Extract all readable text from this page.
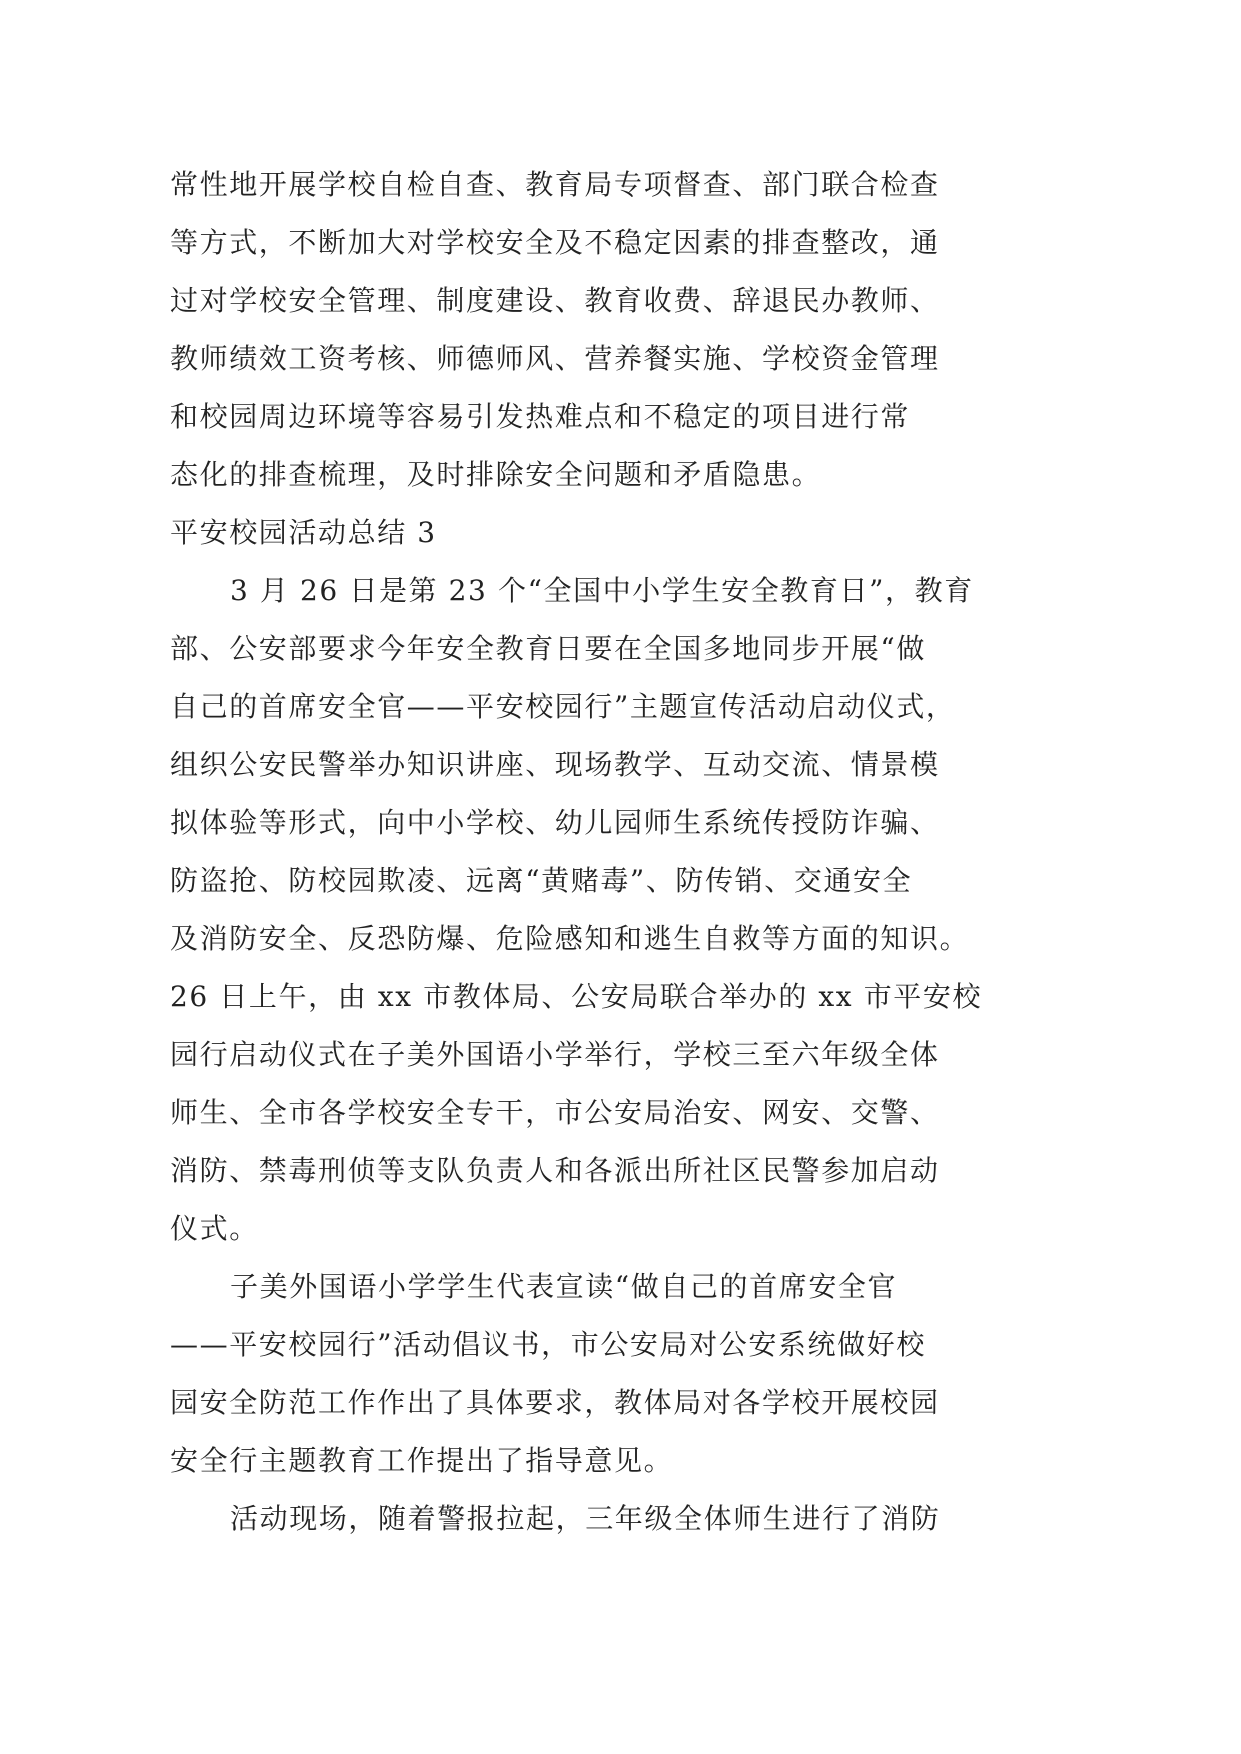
常性地开展学校自检自查、教育局专项督查、部门联合检查
等方式，不断加大对学校安全及不稳定因素的排查整改，通
过对学校安全管理、制度建设、教育收费、辞退民办教师、
教师绩效工资考核、师德师风、营养餐实施、学校资金管理
和校园周边环境等容易引发热难点和不稳定的项目进行常
态化的排查梳理，及时排除安全问题和矛盾隐患。
平安校园活动总结 3
3 月 26 日是第 23 个“全国中小学生安全教育日”，教育
部、公安部要求今年安全教育日要在全国多地同步开展“做
自己的首席安全官——平安校园行”主题宣传活动启动仪式，
组织公安民警举办知识讲座、现场教学、互动交流、情景模
拟体验等形式，向中小学校、幼儿园师生系统传授防诈骗、
防盗抢、防校园欺凌、远离“黄赌毒”、防传销、交通安全
及消防安全、反恐防爆、危险感知和逃生自救等方面的知识。
26 日上午，由 xx 市教体局、公安局联合举办的 xx 市平安校
园行启动仪式在子美外国语小学举行，学校三至六年级全体
师生、全市各学校安全专干，市公安局治安、网安、交警、
消防、禁毒刑侦等支队负责人和各派出所社区民警参加启动
仪式。
子美外国语小学学生代表宣读“做自己的首席安全官
——平安校园行”活动倡议书，市公安局对公安系统做好校
园安全防范工作作出了具体要求，教体局对各学校开展校园
安全行主题教育工作提出了指导意见。
活动现场，随着警报拉起，三年级全体师生进行了消防
